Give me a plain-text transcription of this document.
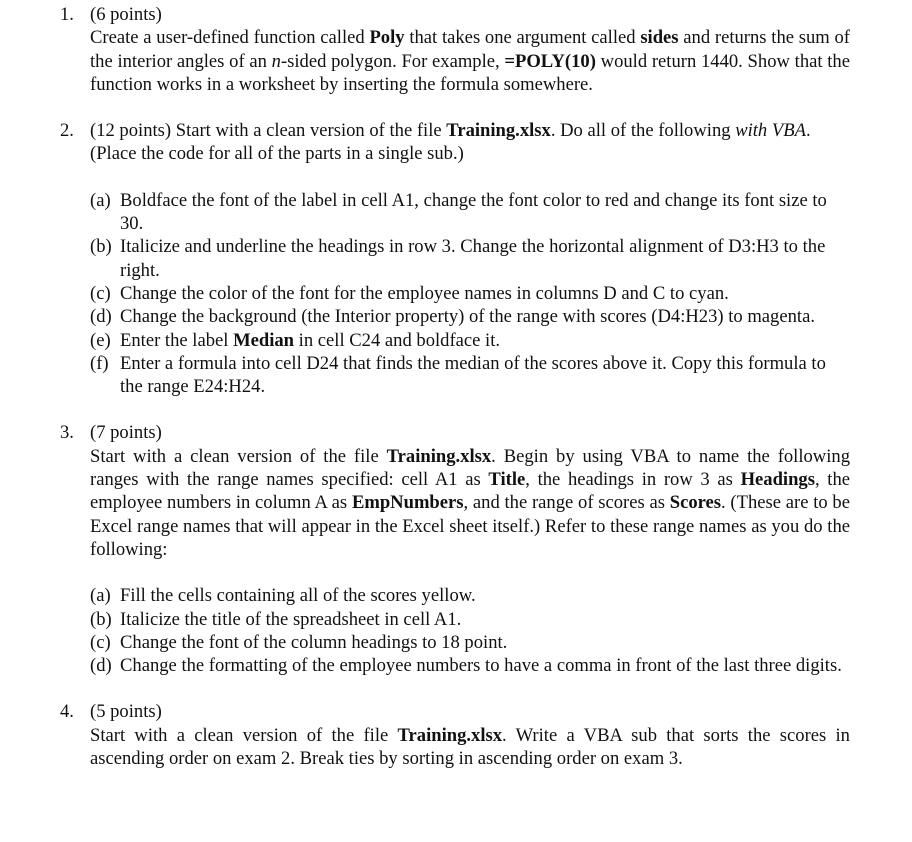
1. (6 points)
Create a user-defined function called Poly that takes one argument called sides and returns the sum of the interior angles of an n-sided polygon. For example, =POLY(10) would return 1440. Show that the function works in a worksheet by inserting the formula somewhere.
2. (12 points) Start with a clean version of the file Training.xlsx. Do all of the following with VBA. (Place the code for all of the parts in a single sub.)
(a) Boldface the font of the label in cell A1, change the font color to red and change its font size to 30.
(b) Italicize and underline the headings in row 3. Change the horizontal alignment of D3:H3 to the right.
(c) Change the color of the font for the employee names in columns D and C to cyan.
(d) Change the background (the Interior property) of the range with scores (D4:H23) to magenta.
(e) Enter the label Median in cell C24 and boldface it.
(f) Enter a formula into cell D24 that finds the median of the scores above it. Copy this formula to the range E24:H24.
3. (7 points)
Start with a clean version of the file Training.xlsx. Begin by using VBA to name the following ranges with the range names specified: cell A1 as Title, the headings in row 3 as Headings, the employee numbers in column A as EmpNumbers, and the range of scores as Scores. (These are to be Excel range names that will appear in the Excel sheet itself.) Refer to these range names as you do the following:
(a) Fill the cells containing all of the scores yellow.
(b) Italicize the title of the spreadsheet in cell A1.
(c) Change the font of the column headings to 18 point.
(d) Change the formatting of the employee numbers to have a comma in front of the last three digits.
4. (5 points)
Start with a clean version of the file Training.xlsx. Write a VBA sub that sorts the scores in ascending order on exam 2. Break ties by sorting in ascending order on exam 3.
